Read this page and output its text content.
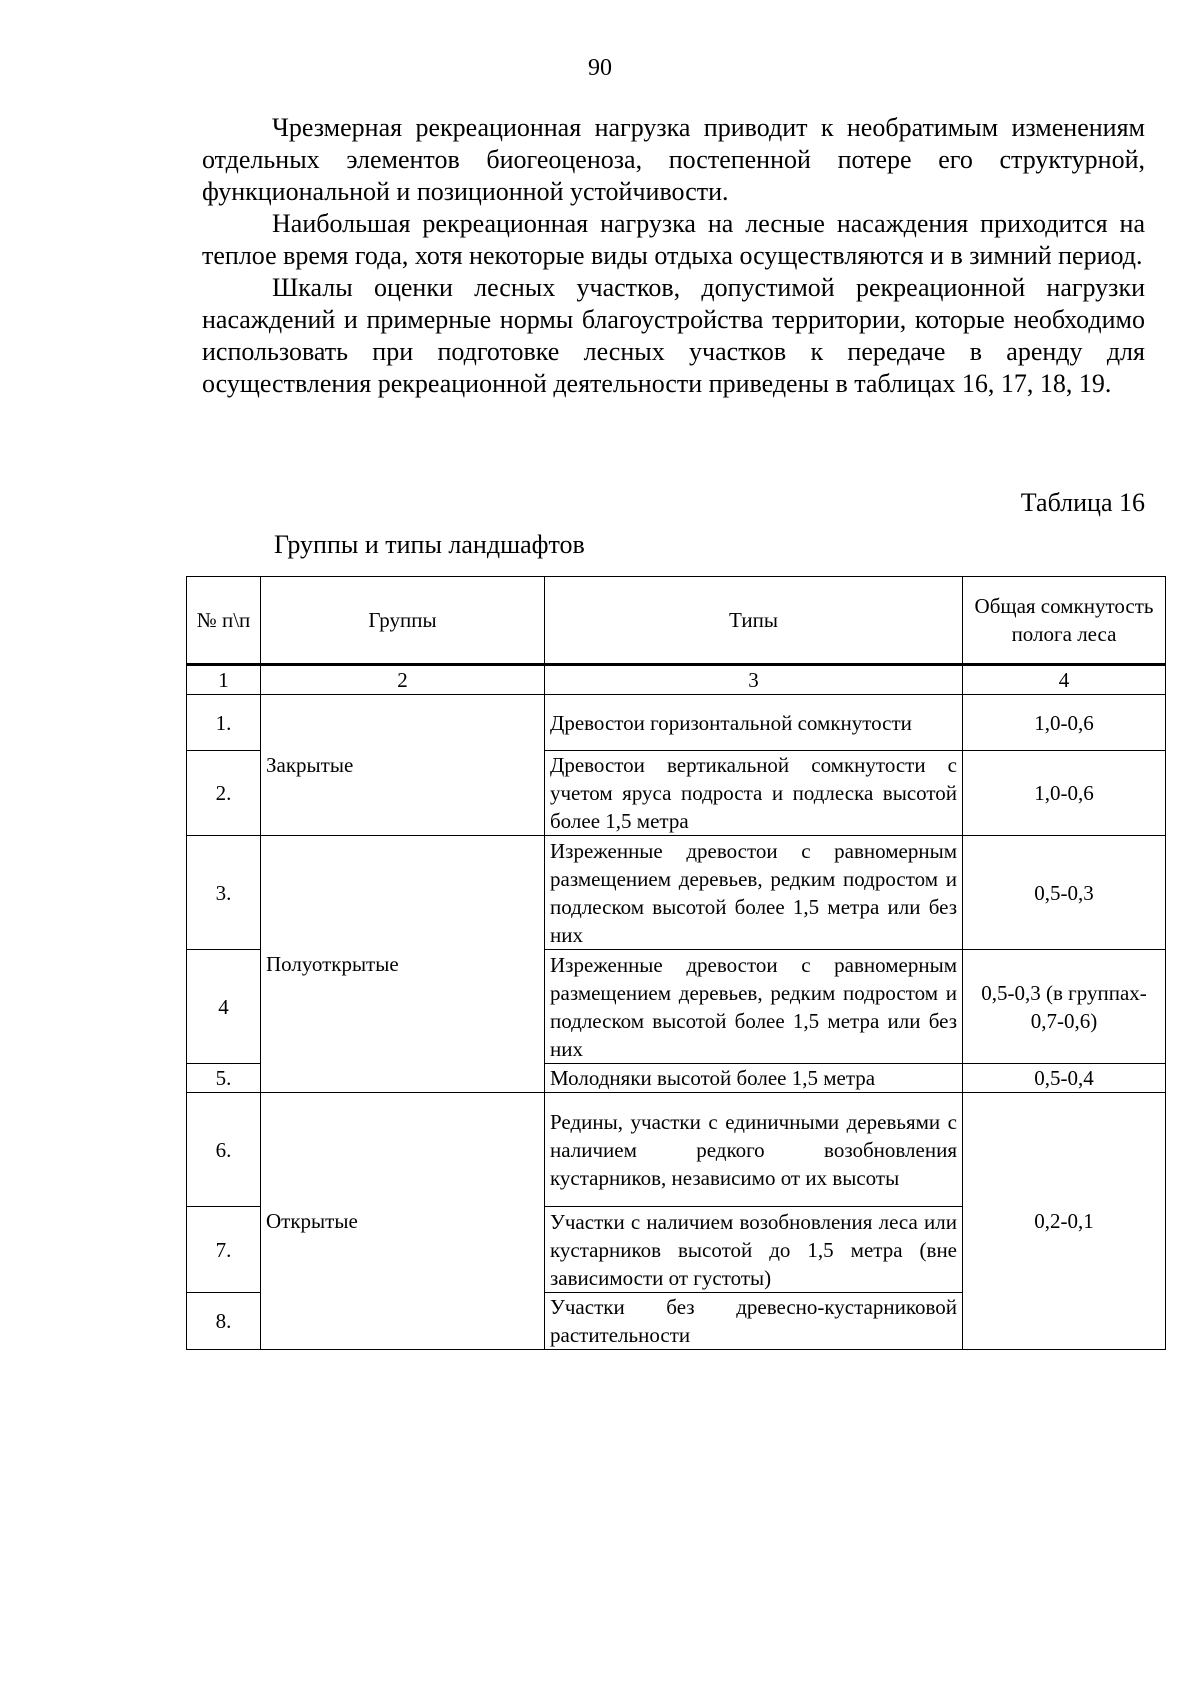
90

Чрезмерная рекреационная нагрузка приводит к необратимым изменениям отдельных элементов биогеоценоза, постепенной потере его структурной, функциональной и позиционной устойчивости.

Наибольшая рекреационная нагрузка на лесные насаждения приходится на теплое время года, хотя некоторые виды отдыха осуществляются и в зимний период.

Шкалы оценки лесных участков, допустимой рекреационной нагрузки насаждений и примерные нормы благоустройства территории, которые необходимо использовать при подготовке лесных участков к передаче в аренду для осуществления рекреационной деятельности приведены в таблицах 16, 17, 18, 19.

Таблица 16
Группы и типы ландшафтов
№ п\п	Группы	Типы	Общая сомкнутость полога леса
1	2	3	4
1.	Закрытые	Древостои горизонтальной сомкнутости	1,0-0,6
2.		Древостои вертикальной сомкнутости с учетом яруса подроста и подлеска высотой более 1,5 метра	1,0-0,6
3.	Полуоткрытые	Изреженные древостои с равномерным размещением деревьев, редким подростом и подлеском высотой более 1,5 метра или без них	0,5-0,3
4		Изреженные древостои с равномерным размещением деревьев, редким подростом и подлеском высотой более 1,5 метра или без них	0,5-0,3 (в группах- 0,7-0,6)
5.		Молодняки высотой более 1,5 метра	0,5-0,4
6.	Открытые	Редины, участки с единичными деревьями с наличием редкого возобновления кустарников, независимо от их высоты	0,2-0,1
7.		Участки с наличием возобновления леса или кустарников высотой до 1,5 метра (вне зависимости от густоты)	
8.		Участки без древесно-кустарниковой растительности	
